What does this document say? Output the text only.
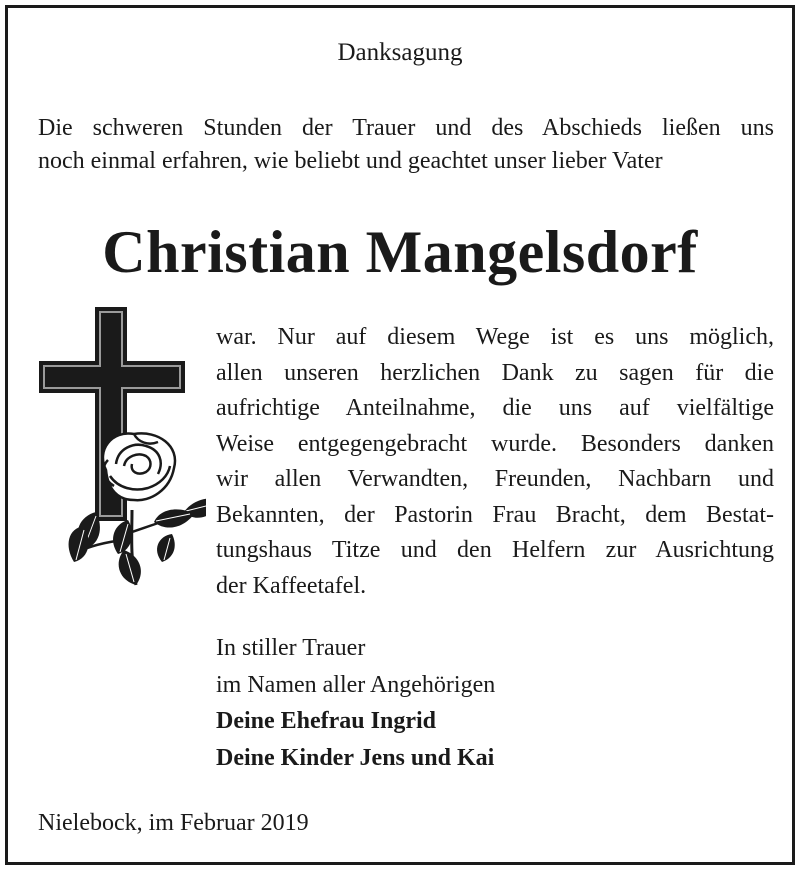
Danksagung
Die schweren Stunden der Trauer und des Abschieds ließen uns
noch einmal erfahren, wie beliebt und geachtet unser lieber Vater
Christian Mangelsdorf
war. Nur auf diesem Wege ist es uns möglich,
allen unseren herzlichen Dank zu sagen für die
aufrichtige Anteilnahme, die uns auf vielfältige
Weise entgegengebracht wurde. Besonders danken
wir allen Verwandten, Freunden, Nachbarn und
Bekannten, der Pastorin Frau Bracht, dem Bestat-
tungshaus Titze und den Helfern zur Ausrichtung
der Kaffeetafel.
In stiller Trauer
im Namen aller Angehörigen
Deine Ehefrau Ingrid
Deine Kinder Jens und Kai
Nielebock, im Februar 2019
